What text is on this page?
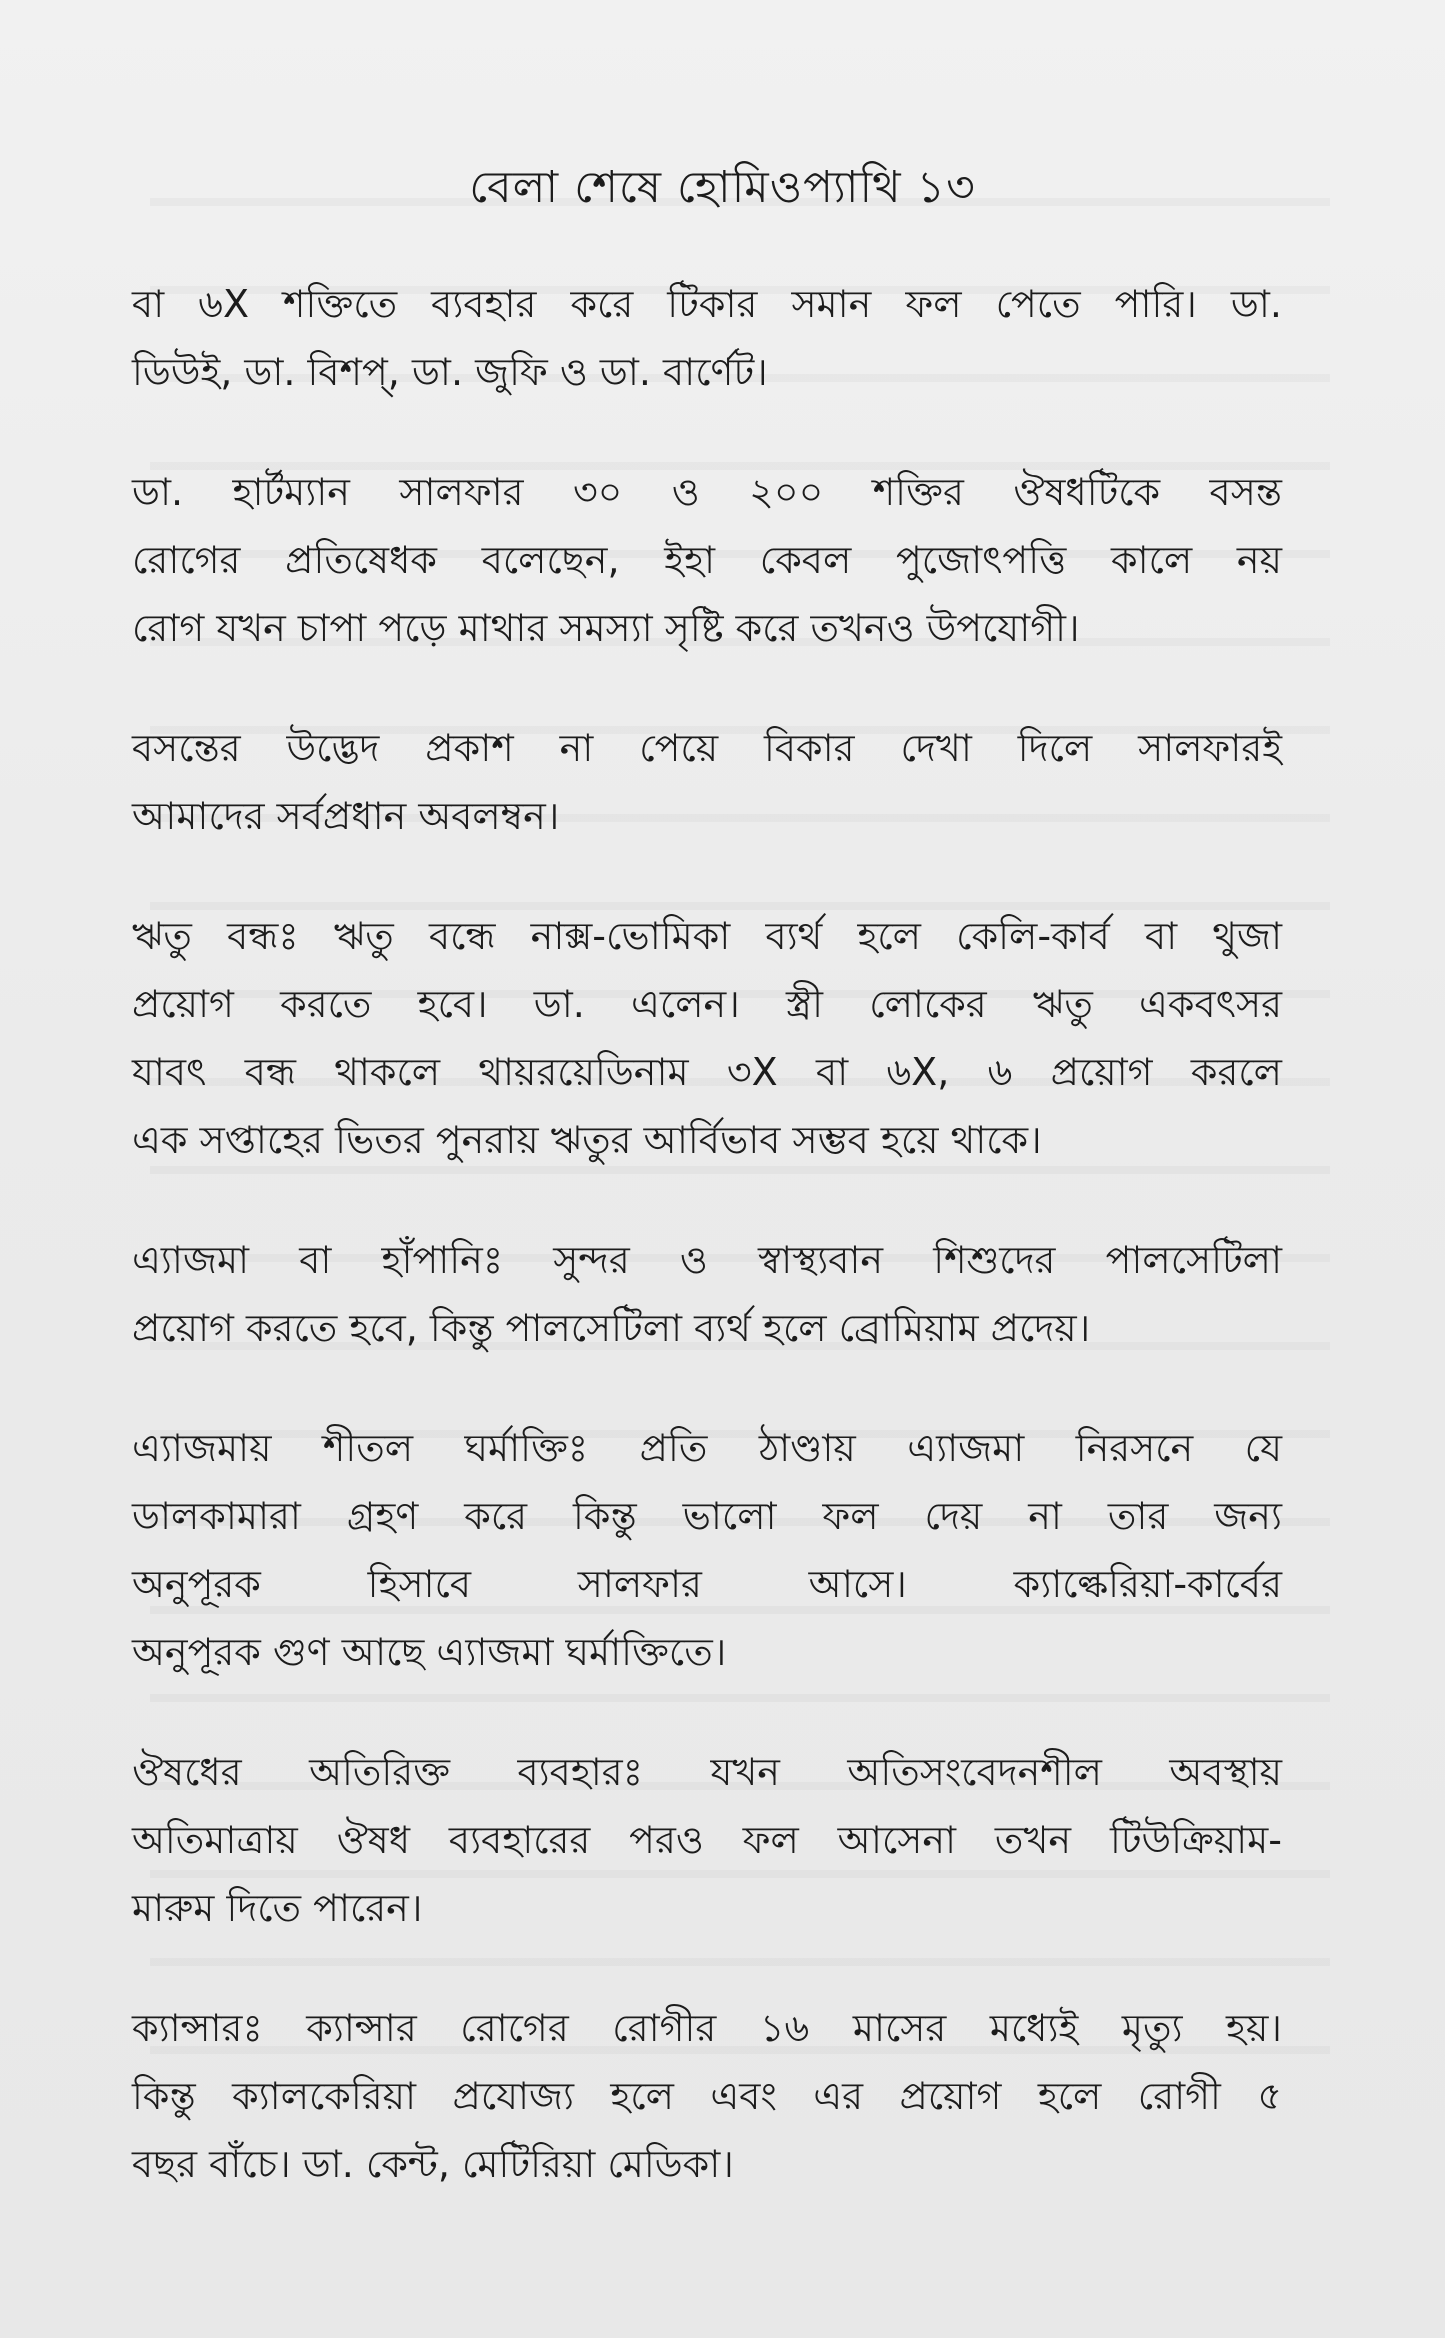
বেলা শেষে হোমিওপ্যাথি ১৩
বা ৬X শক্তিতে ব্যবহার করে টিকার সমান ফল পেতে পারি। ডা.
ডিউই, ডা. বিশপ্, ডা. জুফি ও ডা. বার্ণেট।
ডা. হার্টম্যান সালফার ৩০ ও ২০০ শক্তির ঔষধটিকে বসন্ত
রোগের প্রতিষেধক বলেছেন, ইহা কেবল পুজোৎপত্তি কালে নয়
রোগ যখন চাপা পড়ে মাথার সমস্যা সৃষ্টি করে তখনও উপযোগী।
বসন্তের উদ্ভেদ প্রকাশ না পেয়ে বিকার দেখা দিলে সালফারই
আমাদের সর্বপ্রধান অবলম্বন।
ঋতু বন্ধঃ ঋতু বন্ধে নাক্স-ভোমিকা ব্যর্থ হলে কেলি-কার্ব বা থুজা
প্রয়োগ করতে হবে। ডা. এলেন। স্ত্রী লোকের ঋতু একবৎসর
যাবৎ বন্ধ থাকলে থায়রয়েডিনাম ৩X বা ৬X, ৬ প্রয়োগ করলে
এক সপ্তাহের ভিতর পুনরায় ঋতুর আর্বিভাব সম্ভব হয়ে থাকে।
এ্যাজমা বা হাঁপানিঃ সুন্দর ও স্বাস্থ্যবান শিশুদের পালসেটিলা
প্রয়োগ করতে হবে, কিন্তু পালসেটিলা ব্যর্থ হলে ব্রোমিয়াম প্রদেয়।
এ্যাজমায় শীতল ঘর্মাক্তিঃ প্রতি ঠাণ্ডায় এ্যাজমা নিরসনে যে
ডালকামারা গ্রহণ করে কিন্তু ভালো ফল দেয় না তার জন্য
অনুপূরক হিসাবে সালফার আসে। ক্যাল্কেরিয়া-কার্বের
অনুপূরক গুণ আছে এ্যাজমা ঘর্মাক্তিতে।
ঔষধের অতিরিক্ত ব্যবহারঃ যখন অতিসংবেদনশীল অবস্থায়
অতিমাত্রায় ঔষধ ব্যবহারের পরও ফল আসেনা তখন টিউক্রিয়াম-
মারুম দিতে পারেন।
ক্যান্সারঃ ক্যান্সার রোগের রোগীর ১৬ মাসের মধ্যেই মৃত্যু হয়।
কিন্তু ক্যালকেরিয়া প্রযোজ্য হলে এবং এর প্রয়োগ হলে রোগী ৫
বছর বাঁচে। ডা. কেন্ট, মেটিরিয়া মেডিকা।
